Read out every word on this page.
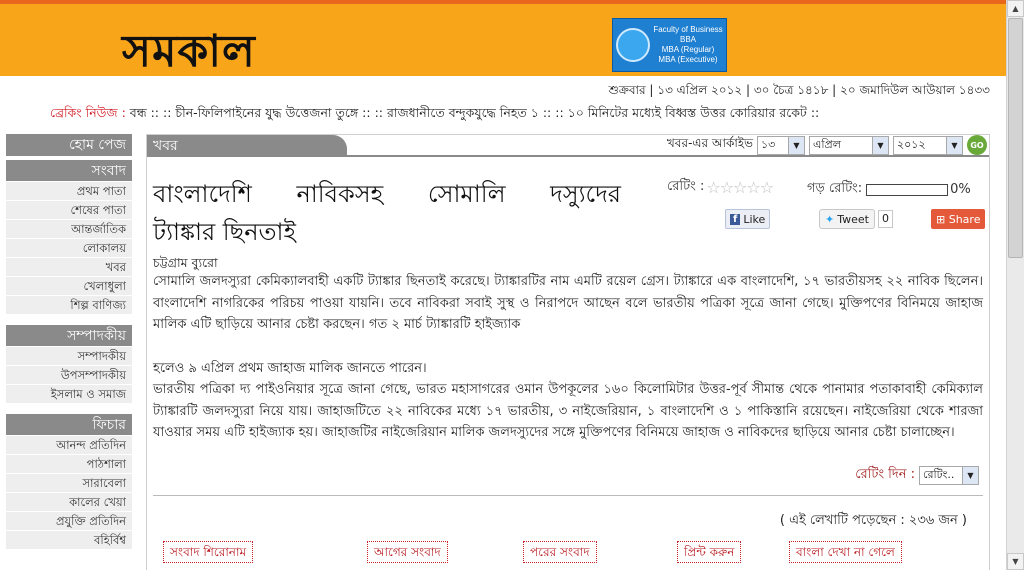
সমকাল	Faculty of Business
BBA
MBA (Regular)
MBA (Executive)
শুক্রবার | ১৩ এপ্রিল ২০১২ | ৩০ চৈত্র ১৪১৮ | ২০ জমাদিউল আউয়াল ১৪৩৩
ব্রেকিং নিউজ : বন্ধ :: :: চীন-ফিলিপাইনের যুদ্ধ উত্তেজনা তুঙ্গে :: :: রাজধানীতে বন্দুকযুদ্ধে নিহত ১ :: :: ১০ মিনিটের মধ্যেই বিধ্বস্ত উত্তর কোরিয়ার রকেট ::
হোম পেজ
সংবাদ
প্রথম পাতা
শেষের পাতা
আন্তর্জাতিক
লোকালয়
খবর
খেলাধুলা
শিল্প বাণিজ্য
সম্পাদকীয়
সম্পাদকীয়
উপসম্পাদকীয়
ইসলাম ও সমাজ
ফিচার
আনন্দ প্রতিদিন
পাঠশালা
সারাবেলা
কালের খেয়া
প্রযুক্তি প্রতিদিন
বহির্বিশ্ব
খবর	খবর-এর আর্কাইভ ১৩	▼	এপ্রিল	▼	২০১২	▼	GO
বাংলাদেশি নাবিকসহ সোমালি দস্যুদের
ট্যাঙ্কার ছিনতাই
রেটিং : ☆☆☆☆☆	গড় রেটিং:	0%
f Like	✦ Tweet	0	⊞ Share
চট্টগ্রাম ব্যুরো

সোমালি জলদস্যুরা কেমিক্যালবাহী একটি ট্যাঙ্কার ছিনতাই করেছে। ট্যাঙ্কারটির নাম এমটি রয়েল গ্রেস। ট্যাঙ্কারে এক বাংলাদেশি, ১৭ ভারতীয়সহ ২২ নাবিক ছিলেন। বাংলাদেশি নাগরিকের পরিচয় পাওয়া যায়নি। তবে নাবিকরা সবাই সুস্থ ও নিরাপদে আছেন বলে ভারতীয় পত্রিকা সূত্রে জানা গেছে। মুক্তিপণের বিনিময়ে জাহাজ মালিক এটি ছাড়িয়ে আনার চেষ্টা করছেন। গত ২ মার্চ ট্যাঙ্কারটি হাইজ্যাক

হলেও ৯ এপ্রিল প্রথম জাহাজ মালিক জানতে পারেন।

ভারতীয় পত্রিকা দ্য পাইওনিয়ার সূত্রে জানা গেছে, ভারত মহাসাগরের ওমান উপকূলের ১৬০ কিলোমিটার উত্তর-পূর্ব সীমান্ত থেকে পানামার পতাকাবাহী কেমিক্যাল ট্যাঙ্কারটি জলদস্যুরা নিয়ে যায়। জাহাজটিতে ২২ নাবিকের মধ্যে ১৭ ভারতীয়, ৩ নাইজেরিয়ান, ১ বাংলাদেশি ও ১ পাকিস্তানি রয়েছেন। নাইজেরিয়া থেকে শারজা যাওয়ার সময় এটি হাইজ্যাক হয়। জাহাজটির নাইজেরিয়ান মালিক জলদস্যুদের সঙ্গে মুক্তিপণের বিনিময়ে জাহাজ ও নাবিকদের ছাড়িয়ে আনার চেষ্টা চালাচ্ছেন।

রেটিং দিন : রেটিং..	▼
( এই লেখাটি পড়েছেন : ২৩৬ জন )
সংবাদ শিরোনাম	আগের সংবাদ	পরের সংবাদ	প্রিন্ট করুন	বাংলা দেখা না গেলে
▲
▼
